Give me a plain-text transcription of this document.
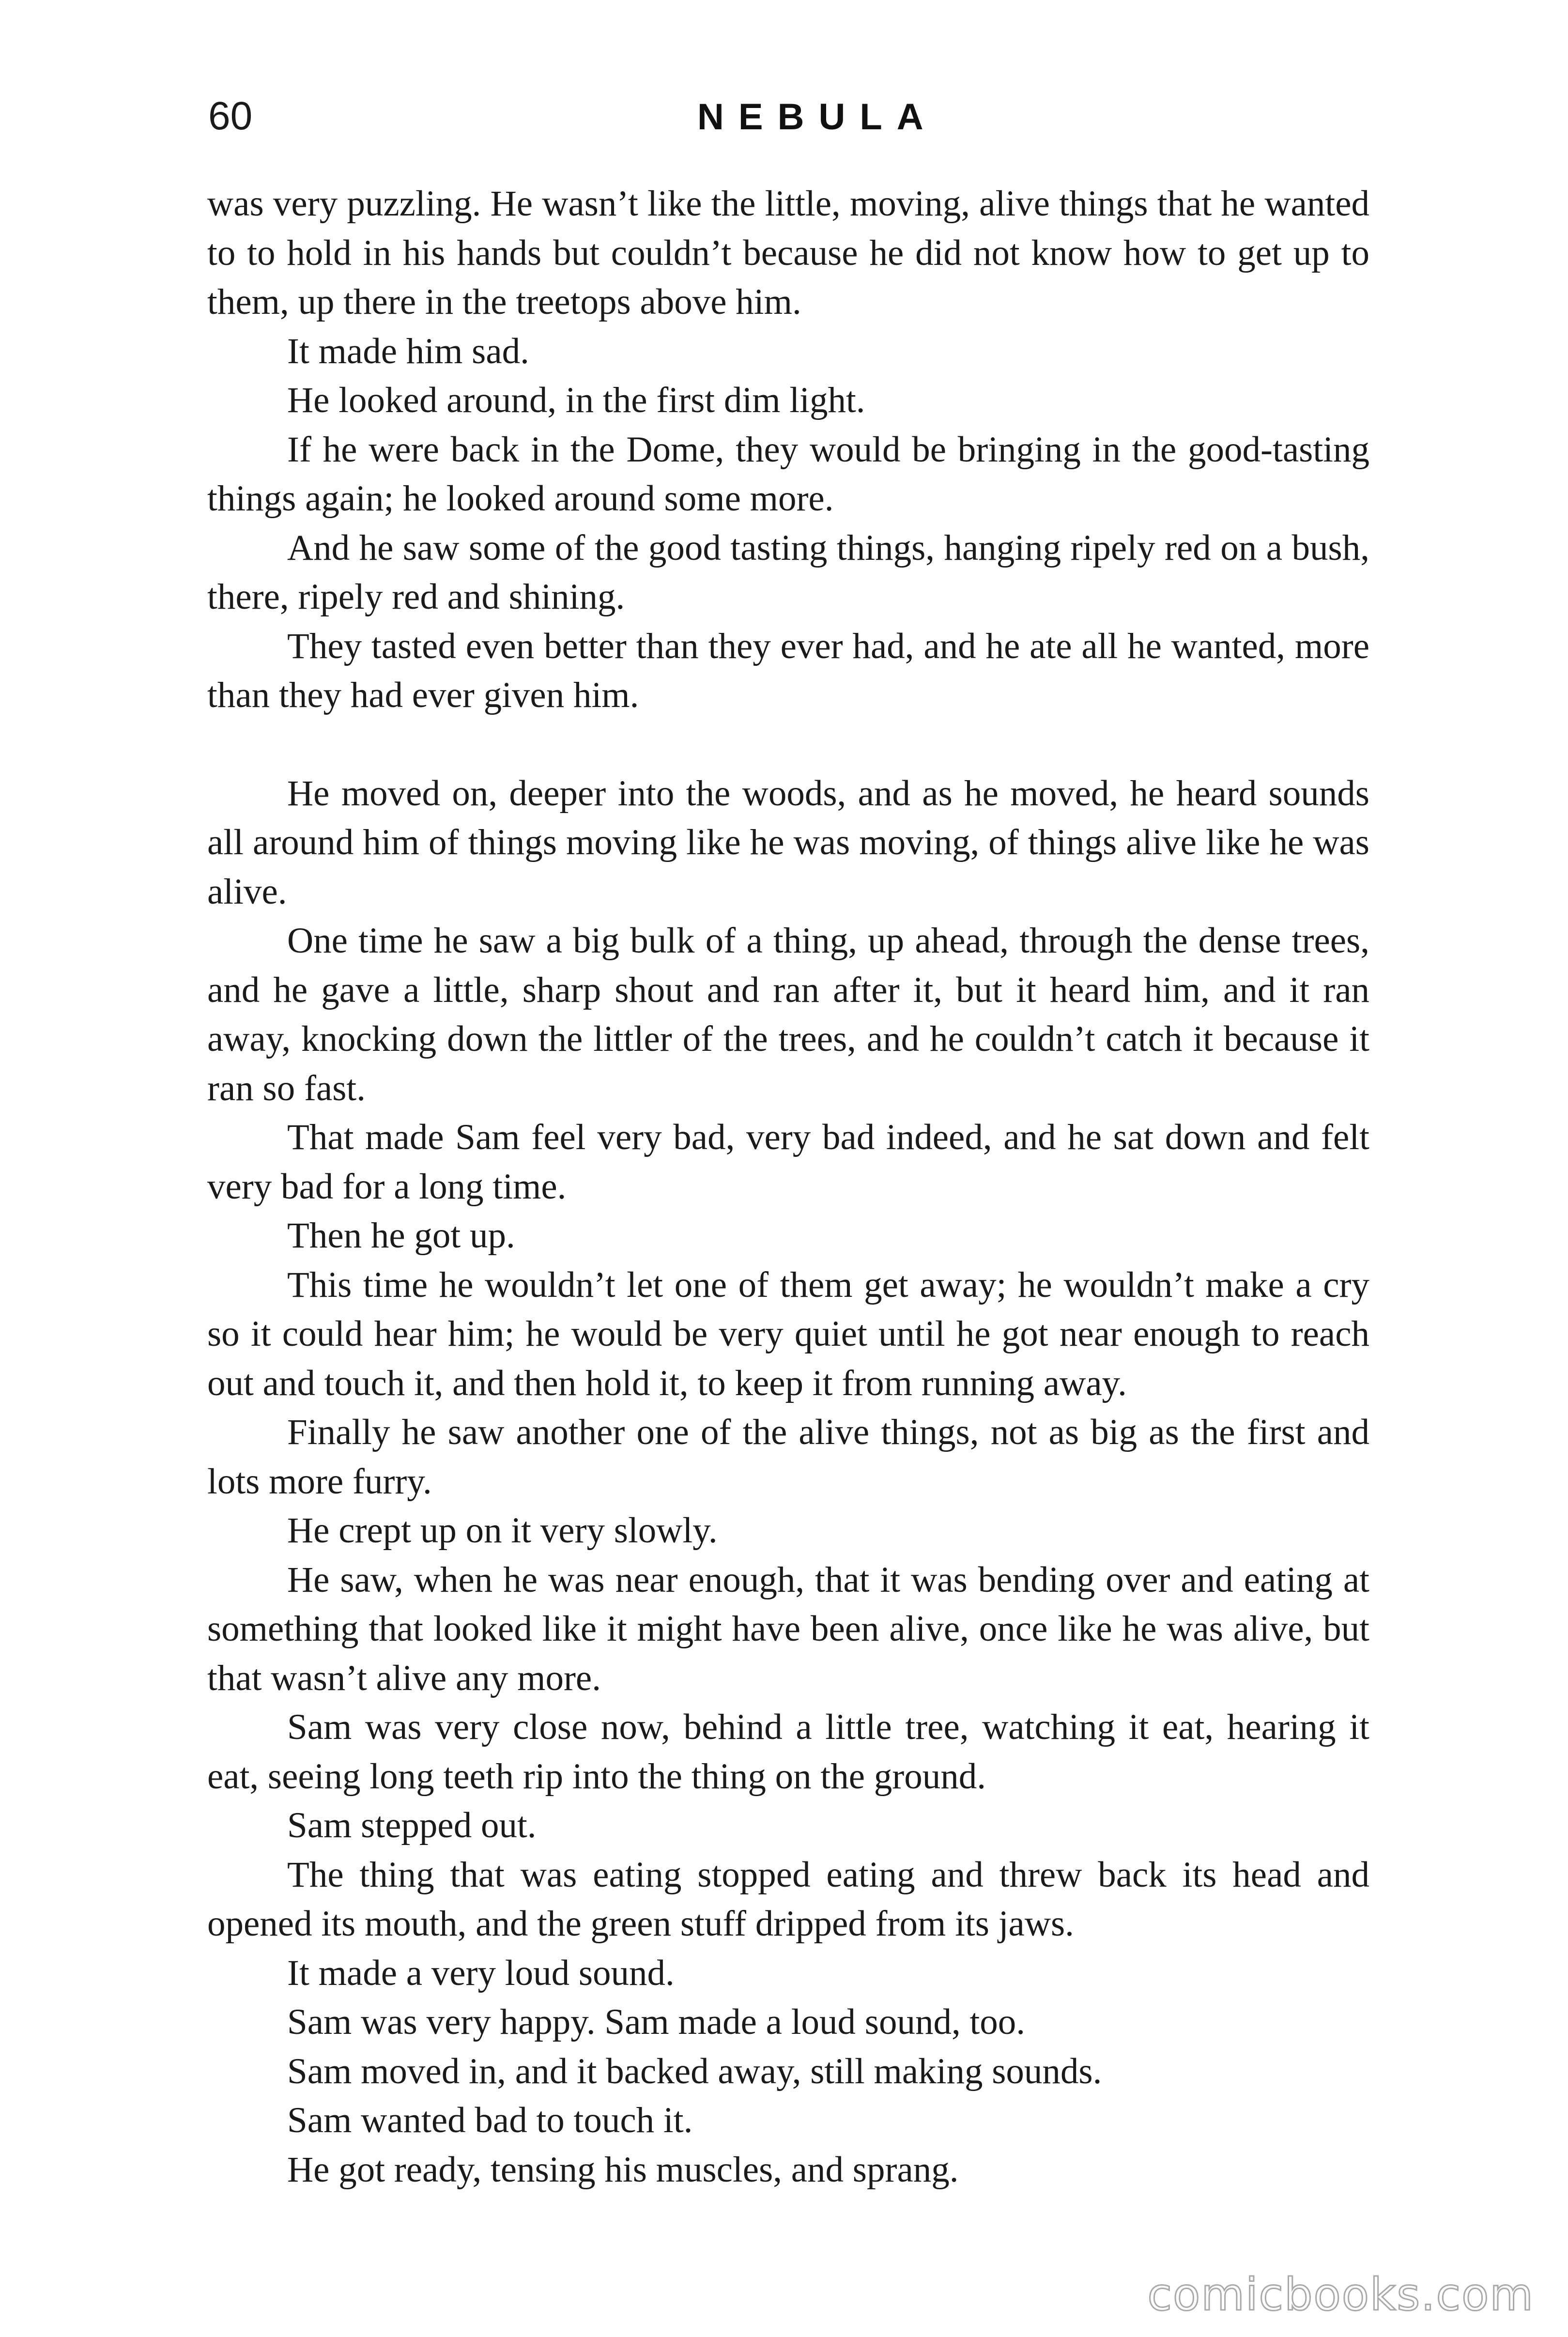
60	NEBULA

was very puzzling. He wasn’t like the little, moving, alive things that he wanted to to hold in his hands but couldn’t because he did not know how to get up to them, up there in the treetops above him.

It made him sad.

He looked around, in the first dim light.

If he were back in the Dome, they would be bringing in the good-tasting things again; he looked around some more.

And he saw some of the good tasting things, hanging ripely red on a bush, there, ripely red and shining.

They tasted even better than they ever had, and he ate all he wanted, more than they had ever given him.

He moved on, deeper into the woods, and as he moved, he heard sounds all around him of things moving like he was moving, of things alive like he was alive.

One time he saw a big bulk of a thing, up ahead, through the dense trees, and he gave a little, sharp shout and ran after it, but it heard him, and it ran away, knocking down the littler of the trees, and he couldn’t catch it because it ran so fast.

That made Sam feel very bad, very bad indeed, and he sat down and felt very bad for a long time.

Then he got up.

This time he wouldn’t let one of them get away; he wouldn’t make a cry so it could hear him; he would be very quiet until he got near enough to reach out and touch it, and then hold it, to keep it from running away.

Finally he saw another one of the alive things, not as big as the first and lots more furry.

He crept up on it very slowly.

He saw, when he was near enough, that it was bending over and eating at something that looked like it might have been alive, once like he was alive, but that wasn’t alive any more.

Sam was very close now, behind a little tree, watching it eat, hearing it eat, seeing long teeth rip into the thing on the ground.

Sam stepped out.

The thing that was eating stopped eating and threw back its head and opened its mouth, and the green stuff dripped from its jaws.

It made a very loud sound.

Sam was very happy. Sam made a loud sound, too.

Sam moved in, and it backed away, still making sounds.

Sam wanted bad to touch it.

He got ready, tensing his muscles, and sprang.

comicbooks.com
